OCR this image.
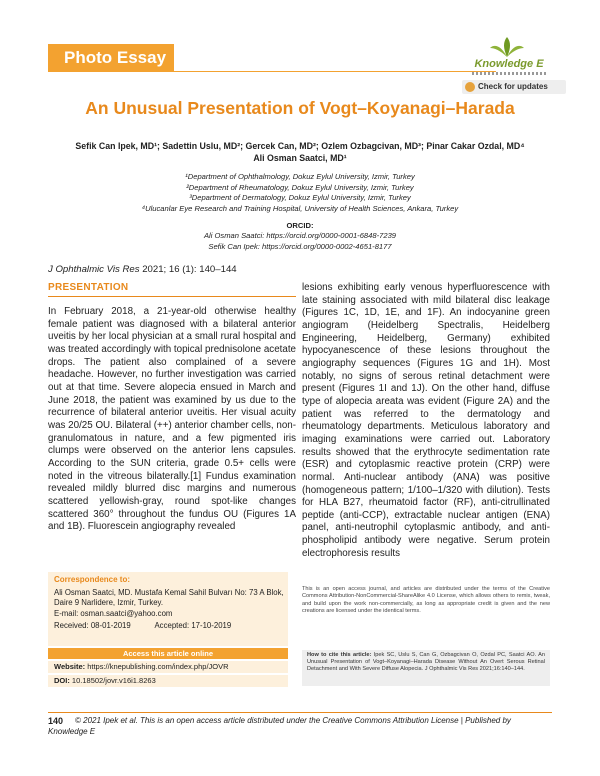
Photo Essay	Knowledge E
Check for updates
An Unusual Presentation of Vogt–Koyanagi–Harada
Sefik Can Ipek, MD¹; Sadettin Uslu, MD²; Gercek Can, MD²; Ozlem Ozbagcivan, MD³; Pinar Cakar Ozdal, MD⁴
Ali Osman Saatci, MD¹
¹Department of Ophthalmology, Dokuz Eylul University, Izmir, Turkey
²Department of Rheumatology, Dokuz Eylul University, Izmir, Turkey
³Department of Dermatology, Dokuz Eylul University, Izmir, Turkey
⁴Ulucanlar Eye Research and Training Hospital, University of Health Sciences, Ankara, Turkey
ORCID:
Ali Osman Saatci: https://orcid.org/0000-0001-6848-7239
Sefik Can Ipek: https://orcid.org/0000-0002-4651-8177
J Ophthalmic Vis Res 2021; 16 (1): 140–144
PRESENTATION
In February 2018, a 21-year-old otherwise healthy female patient was diagnosed with a bilateral anterior uveitis by her local physician at a small rural hospital and was treated accordingly with topical prednisolone acetate drops. The patient also complained of a severe headache. However, no further investigation was carried out at that time. Severe alopecia ensued in March and June 2018, the patient was examined by us due to the recurrence of bilateral anterior uveitis. Her visual acuity was 20/25 OU. Bilateral (++) anterior chamber cells, non-granulomatous in nature, and a few pigmented iris clumps were observed on the anterior lens capsules. According to the SUN criteria, grade 0.5+ cells were noted in the vitreous bilaterally.[1] Fundus examination revealed mildly blurred disc margins and numerous scattered yellowish-gray, round spot-like changes scattered 360° throughout the fundus OU (Figures 1A and 1B). Fluorescein angiography revealed
lesions exhibiting early venous hyperfluorescence with late staining associated with mild bilateral disc leakage (Figures 1C, 1D, 1E, and 1F). An indocyanine green angiogram (Heidelberg Spectralis, Heidelberg Engineering, Heidelberg, Germany) exhibited hypocyanescence of these lesions throughout the angiography sequences (Figures 1G and 1H). Most notably, no signs of serous retinal detachment were present (Figures 1I and 1J). On the other hand, diffuse type of alopecia areata was evident (Figure 2A) and the patient was referred to the dermatology and rheumatology departments. Meticulous laboratory and imaging examinations were carried out. Laboratory results showed that the erythrocyte sedimentation rate (ESR) and cytoplasmic reactive protein (CRP) were normal. Anti-nuclear antibody (ANA) was positive (homogeneous pattern; 1/100–1/320 with dilution). Tests for HLA B27, rheumatoid factor (RF), anti-citrullinated peptide (anti-CCP), extractable nuclear antigen (ENA) panel, anti-neutrophil cytoplasmic antibody, and anti-phospholipid antibody were negative. Serum protein electrophoresis results
Correspondence to:
Ali Osman Saatci, MD. Mustafa Kemal Sahil Bulvarı No: 73 A Blok, Daire 9 Narlidere, Izmir, Turkey.
E-mail: osman.saatci@yahoo.com
Received: 08-01-2019	Accepted: 17-10-2019
Access this article online
Website: https://knepublishing.com/index.php/JOVR
DOI: 10.18502/jovr.v16i1.8263
This is an open access journal, and articles are distributed under the terms of the Creative Commons Attribution-NonCommercial-ShareAlike 4.0 License, which allows others to remix, tweak, and build upon the work non-commercially, as long as appropriate credit is given and the new creations are licensed under the identical terms.
How to cite this article: Ipek SC, Uslu S, Can G, Ozbagcivan O, Ozdal PC, Saatci AO. An Unusual Presentation of Vogt–Koyanagi–Harada Disease Without An Overt Serous Retinal Detachment and With Severe Diffuse Alopecia. J Ophthalmic Vis Res 2021;16:140–144.
140 © 2021 Ipek et al. This is an open access article distributed under the Creative Commons Attribution License | Published by
Knowledge E
